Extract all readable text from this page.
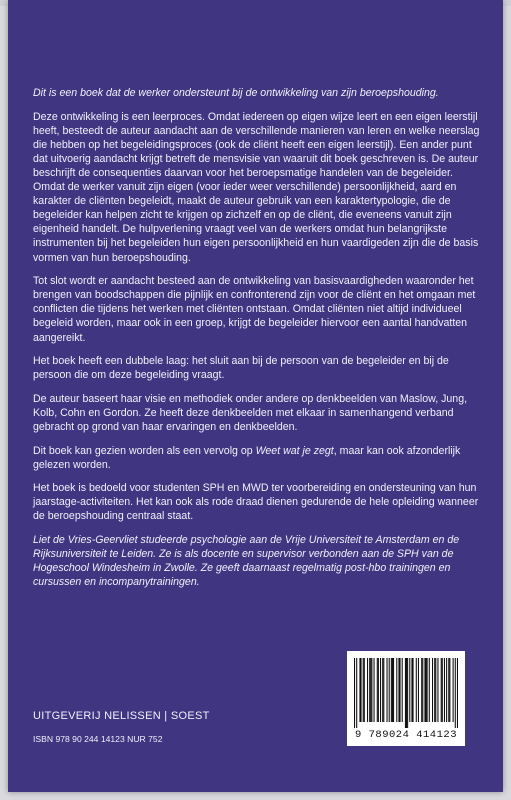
Dit is een boek dat de werker ondersteunt bij de ontwikkeling van zijn beroepshouding.

Deze ontwikkeling is een leerproces. Omdat iedereen op eigen wijze leert en een eigen leerstijl heeft, besteedt de auteur aandacht aan de verschillende manieren van leren en welke neerslag die hebben op het begeleidingsproces (ook de cliënt heeft een eigen leerstijl). Een ander punt dat uitvoerig aandacht krijgt betreft de mensvisie van waaruit dit boek geschreven is. De auteur beschrijft de consequenties daarvan voor het beroepsmatige handelen van de begeleider. Omdat de werker vanuit zijn eigen (voor ieder weer verschillende) persoonlijkheid, aard en karakter de cliënten begeleidt, maakt de auteur gebruik van een karaktertypologie, die de begeleider kan helpen zicht te krijgen op zichzelf en op de cliënt, die eveneens vanuit zijn eigenheid handelt. De hulpverlening vraagt veel van de werkers omdat hun belangrijkste instrumenten bij het begeleiden hun eigen persoonlijkheid en hun vaardigeden zijn die de basis vormen van hun beroepshouding.

Tot slot wordt er aandacht besteed aan de ontwikkeling van basisvaardigheden waaronder het brengen van boodschappen die pijnlijk en confronterend zijn voor de cliënt en het omgaan met conflicten die tijdens het werken met cliënten ontstaan. Omdat cliënten niet altijd individueel begeleid worden, maar ook in een groep, krijgt de begeleider hiervoor een aantal handvatten aangereikt.

Het boek heeft een dubbele laag: het sluit aan bij de persoon van de begeleider en bij de persoon die om deze begeleiding vraagt.

De auteur baseert haar visie en methodiek onder andere op denkbeelden van Maslow, Jung, Kolb, Cohn en Gordon. Ze heeft deze denkbeelden met elkaar in samenhangend verband gebracht op grond van haar ervaringen en denkbeelden.

Dit boek kan gezien worden als een vervolg op Weet wat je zegt, maar kan ook afzonderlijk gelezen worden.

Het boek is bedoeld voor studenten SPH en MWD ter voorbereiding en ondersteuning van hun jaarstage-activiteiten. Het kan ook als rode draad dienen gedurende de hele opleiding wanneer de beroepshouding centraal staat.

Liet de Vries-Geervliet studeerde psychologie aan de Vrije Universiteit te Amsterdam en de Rijksuniversiteit te Leiden. Ze is als docente en supervisor verbonden aan de SPH van de Hogeschool Windesheim in Zwolle. Ze geeft daarnaast regelmatig post-hbo trainingen en cursussen en incompanytrainingen.

UITGEVERIJ NELISSEN | SOEST
ISBN 978 90 244 14123 NUR 752	9 789024 414123
